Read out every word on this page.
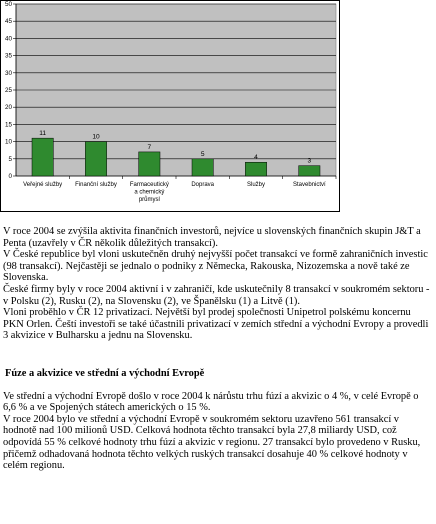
0
5
10
15
20
25
30
35
40
45
50
11
Veřejné služby
10
Finanční služby
7
Farmaceutický
a chemický
průmysl
5
Doprava
4
Služby
3
Stavebnictví

V roce 2004 se zvýšila aktivita finančních investorů, nejvíce u slovenských finančních skupin J&T a Penta (uzavřely v ČR několik důležitých transakcí).

V České republice byl vloni uskutečněn druhý nejvyšší počet transakcí ve formě zahraničních investic (98 transakcí). Nejčastěji se jednalo o podniky z Německa, Rakouska, Nizozemska a nově také ze Slovenska.

České firmy byly v roce 2004 aktivní i v zahraničí, kde uskutečnily 8 transakcí v soukromém sektoru - v Polsku (2), Rusku (2), na Slovensku (2), ve Španělsku (1) a Litvě (1).

Vloni proběhlo v ČR 12 privatizací. Největší byl prodej společnosti Unipetrol polskému koncernu PKN Orlen. Čeští investoři se také účastnili privatizací v zemích střední a východní Evropy a provedli 3 akvizice v Bulharsku a jednu na Slovensku.

Fúze a akvizice ve střední a východní Evropě

Ve střední a východní Evropě došlo v roce 2004 k nárůstu trhu fúzí a akvizic o 4 %, v celé Evropě o 6,6 % a ve Spojených státech amerických o 15 %.

V roce 2004 bylo ve střední a východní Evropě v soukromém sektoru uzavřeno 561 transakcí v hodnotě nad 100 milionů USD. Celková hodnota těchto transakcí byla 27,8 miliardy USD, což odpovídá 55 % celkové hodnoty trhu fúzí a akvizic v regionu. 27 transakcí bylo provedeno v Rusku, přičemž odhadovaná hodnota těchto velkých ruských transakcí dosahuje 40 % celkové hodnoty v celém regionu.
